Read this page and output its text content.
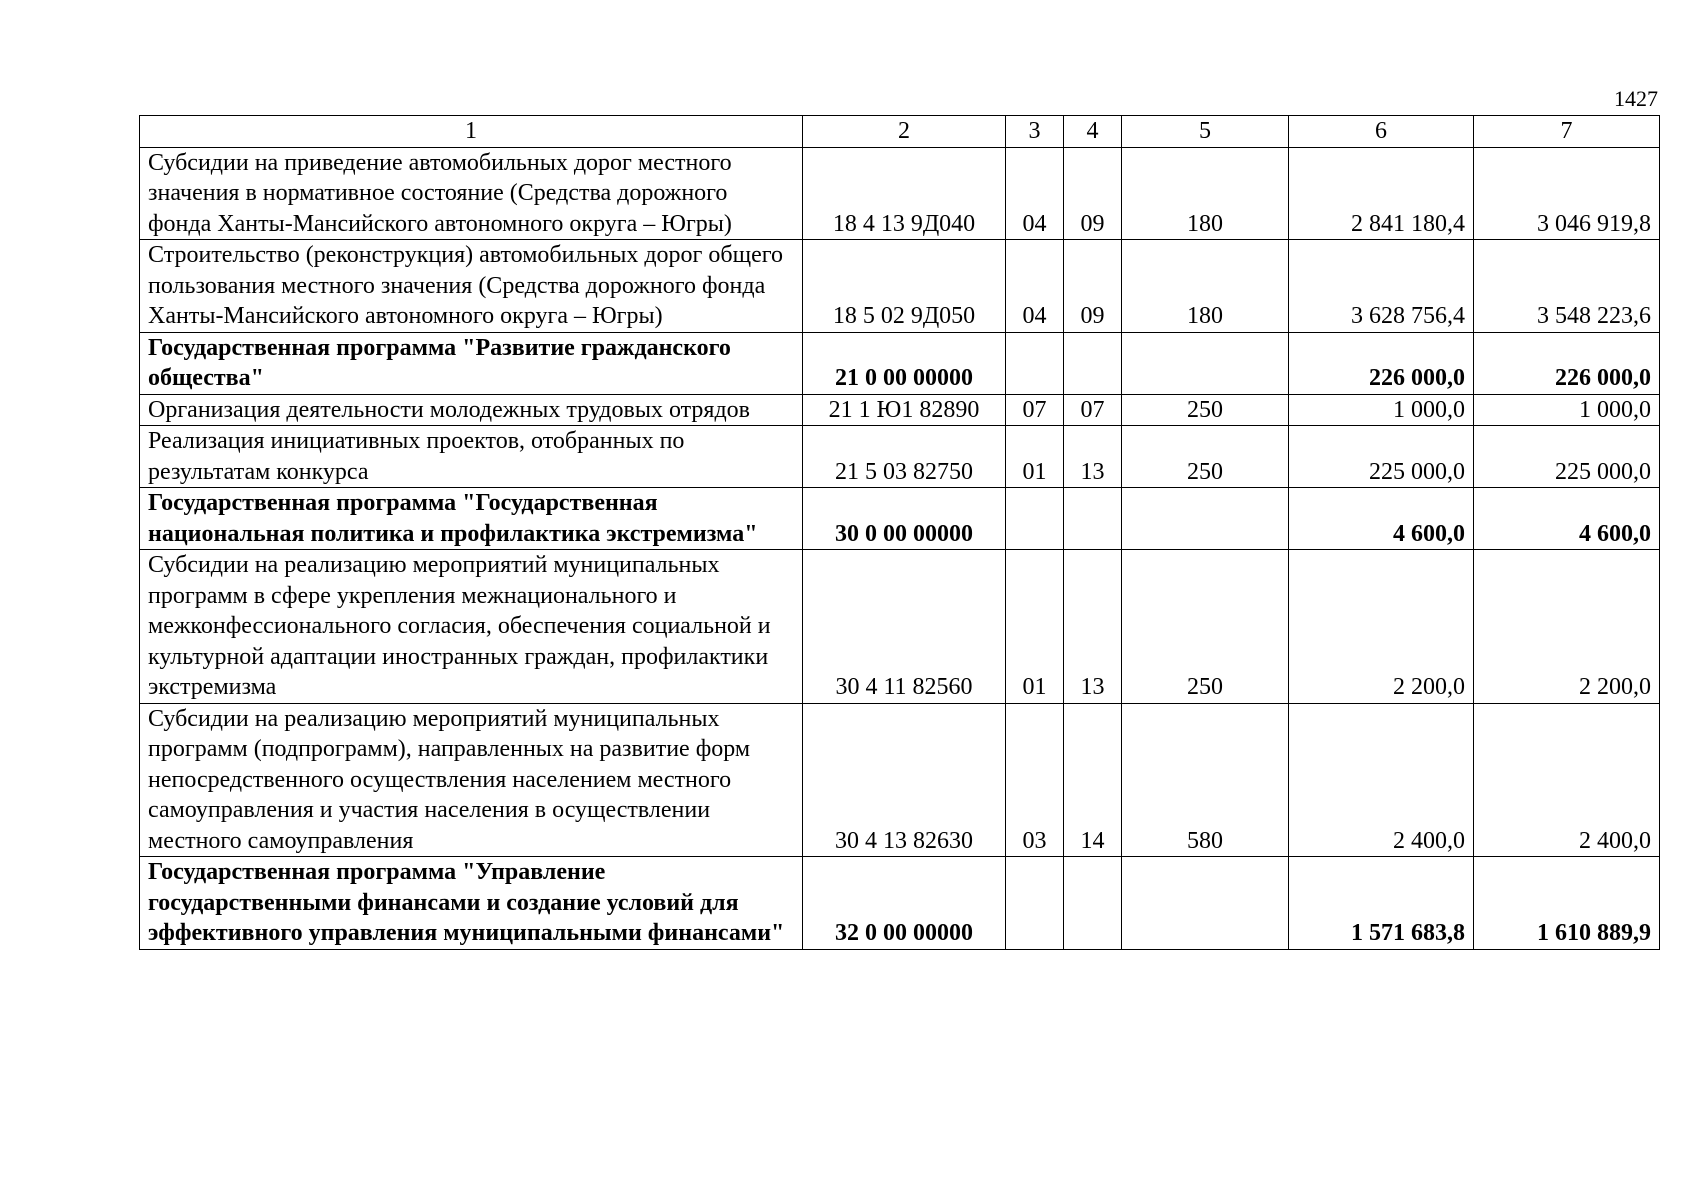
1427
1	2	3	4	5	6	7
Субсидии на приведение автомобильных дорог местного значения в нормативное состояние (Средства дорожного фонда Ханты-Мансийского автономного округа – Югры)	18 4 13 9Д040	04	09	180	2 841 180,4	3 046 919,8
Строительство (реконструкция) автомобильных дорог общего пользования местного значения (Средства дорожного фонда Ханты-Мансийского автономного округа – Югры)	18 5 02 9Д050	04	09	180	3 628 756,4	3 548 223,6
Государственная программа "Развитие гражданского общества"	21 0 00 00000				226 000,0	226 000,0
Организация деятельности молодежных трудовых отрядов	21 1 Ю1 82890	07	07	250	1 000,0	1 000,0
Реализация инициативных проектов, отобранных по результатам конкурса	21 5 03 82750	01	13	250	225 000,0	225 000,0
Государственная программа "Государственная национальная политика и профилактика экстремизма"	30 0 00 00000				4 600,0	4 600,0
Субсидии на реализацию мероприятий муниципальных программ в сфере укрепления межнационального и межконфессионального согласия, обеспечения социальной и культурной адаптации иностранных граждан, профилактики экстремизма	30 4 11 82560	01	13	250	2 200,0	2 200,0
Субсидии на реализацию мероприятий муниципальных программ (подпрограмм), направленных на развитие форм непосредственного осуществления населением местного самоуправления и участия населения в осуществлении местного самоуправления	30 4 13 82630	03	14	580	2 400,0	2 400,0
Государственная программа "Управление государственными финансами и создание условий для эффективного управления муниципальными финансами"	32 0 00 00000				1 571 683,8	1 610 889,9
